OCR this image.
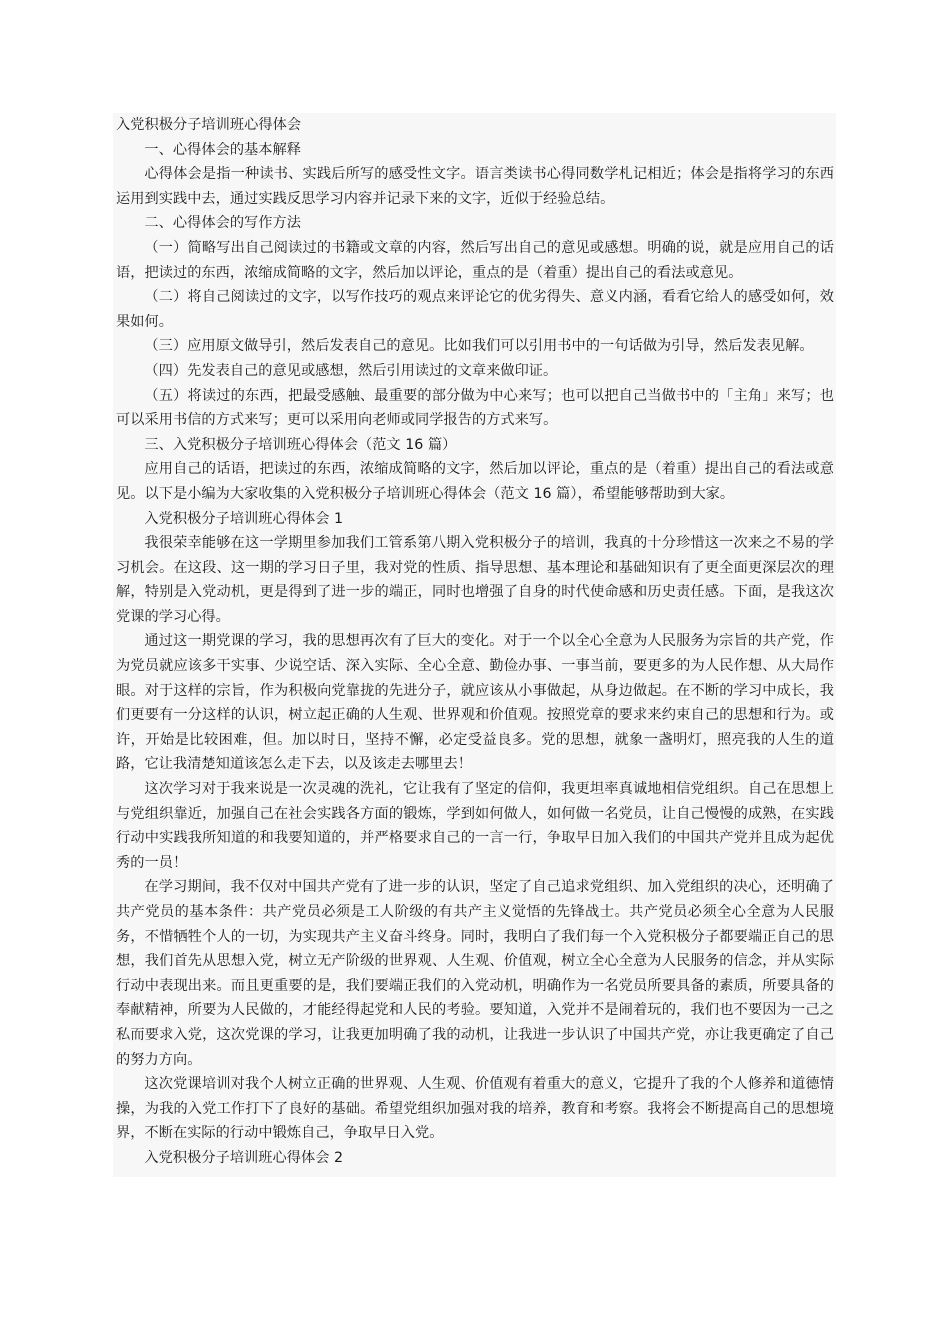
入党积极分子培训班心得体会

一、心得体会的基本解释

心得体会是指一种读书、实践后所写的感受性文字。语言类读书心得同数学札记相近；体会是指将学习的东西运用到实践中去，通过实践反思学习内容并记录下来的文字，近似于经验总结。

二、心得体会的写作方法

（一）简略写出自己阅读过的书籍或文章的内容，然后写出自己的意见或感想。明确的说，就是应用自己的话语，把读过的东西，浓缩成简略的文字，然后加以评论，重点的是（着重）提出自己的看法或意见。

（二）将自己阅读过的文字，以写作技巧的观点来评论它的优劣得失、意义内涵，看看它给人的感受如何，效果如何。

（三）应用原文做导引，然后发表自己的意见。比如我们可以引用书中的一句话做为引导，然后发表见解。

（四）先发表自己的意见或感想，然后引用读过的文章来做印证。

（五）将读过的东西，把最受感触、最重要的部分做为中心来写；也可以把自己当做书中的「主角」来写；也可以采用书信的方式来写；更可以采用向老师或同学报告的方式来写。

三、入党积极分子培训班心得体会（范文 16 篇）

应用自己的话语，把读过的东西，浓缩成简略的文字，然后加以评论，重点的是（着重）提出自己的看法或意见。以下是小编为大家收集的入党积极分子培训班心得体会（范文 16 篇），希望能够帮助到大家。

入党积极分子培训班心得体会 1

我很荣幸能够在这一学期里参加我们工管系第八期入党积极分子的培训，我真的十分珍惜这一次来之不易的学习机会。在这段、这一期的学习日子里，我对党的性质、指导思想、基本理论和基础知识有了更全面更深层次的理解，特别是入党动机，更是得到了进一步的端正，同时也增强了自身的时代使命感和历史责任感。下面，是我这次党课的学习心得。

通过这一期党课的学习，我的思想再次有了巨大的变化。对于一个以全心全意为人民服务为宗旨的共产党，作为党员就应该多干实事、少说空话、深入实际、全心全意、勤俭办事、一事当前，要更多的为人民作想、从大局作眼。对于这样的宗旨，作为积极向党靠拢的先进分子，就应该从小事做起，从身边做起。在不断的学习中成长，我们更要有一分这样的认识，树立起正确的人生观、世界观和价值观。按照党章的要求来约束自己的思想和行为。或许，开始是比较困难，但。加以时日，坚持不懈，必定受益良多。党的思想，就象一盏明灯，照亮我的人生的道路，它让我清楚知道该怎么走下去，以及该走去哪里去！

这次学习对于我来说是一次灵魂的洗礼，它让我有了坚定的信仰，我更坦率真诚地相信党组织。自己在思想上与党组织靠近，加强自己在社会实践各方面的锻炼，学到如何做人，如何做一名党员，让自己慢慢的成熟，在实践行动中实践我所知道的和我要知道的，并严格要求自己的一言一行，争取早日加入我们的中国共产党并且成为起优秀的一员！

在学习期间，我不仅对中国共产党有了进一步的认识，坚定了自己追求党组织、加入党组织的决心，还明确了共产党员的基本条件：共产党员必须是工人阶级的有共产主义觉悟的先锋战士。共产党员必须全心全意为人民服务，不惜牺牲个人的一切，为实现共产主义奋斗终身。同时，我明白了我们每一个入党积极分子都要端正自己的思想，我们首先从思想入党，树立无产阶级的世界观、人生观、价值观，树立全心全意为人民服务的信念，并从实际行动中表现出来。而且更重要的是，我们要端正我们的入党动机，明确作为一名党员所要具备的素质，所要具备的奉献精神，所要为人民做的，才能经得起党和人民的考验。要知道，入党并不是闹着玩的，我们也不要因为一己之私而要求入党，这次党课的学习，让我更加明确了我的动机，让我进一步认识了中国共产党，亦让我更确定了自己的努力方向。

这次党课培训对我个人树立正确的世界观、人生观、价值观有着重大的意义，它提升了我的个人修养和道德情操，为我的入党工作打下了良好的基础。希望党组织加强对我的培养，教育和考察。我将会不断提高自己的思想境界，不断在实际的行动中锻炼自己，争取早日入党。

入党积极分子培训班心得体会 2
